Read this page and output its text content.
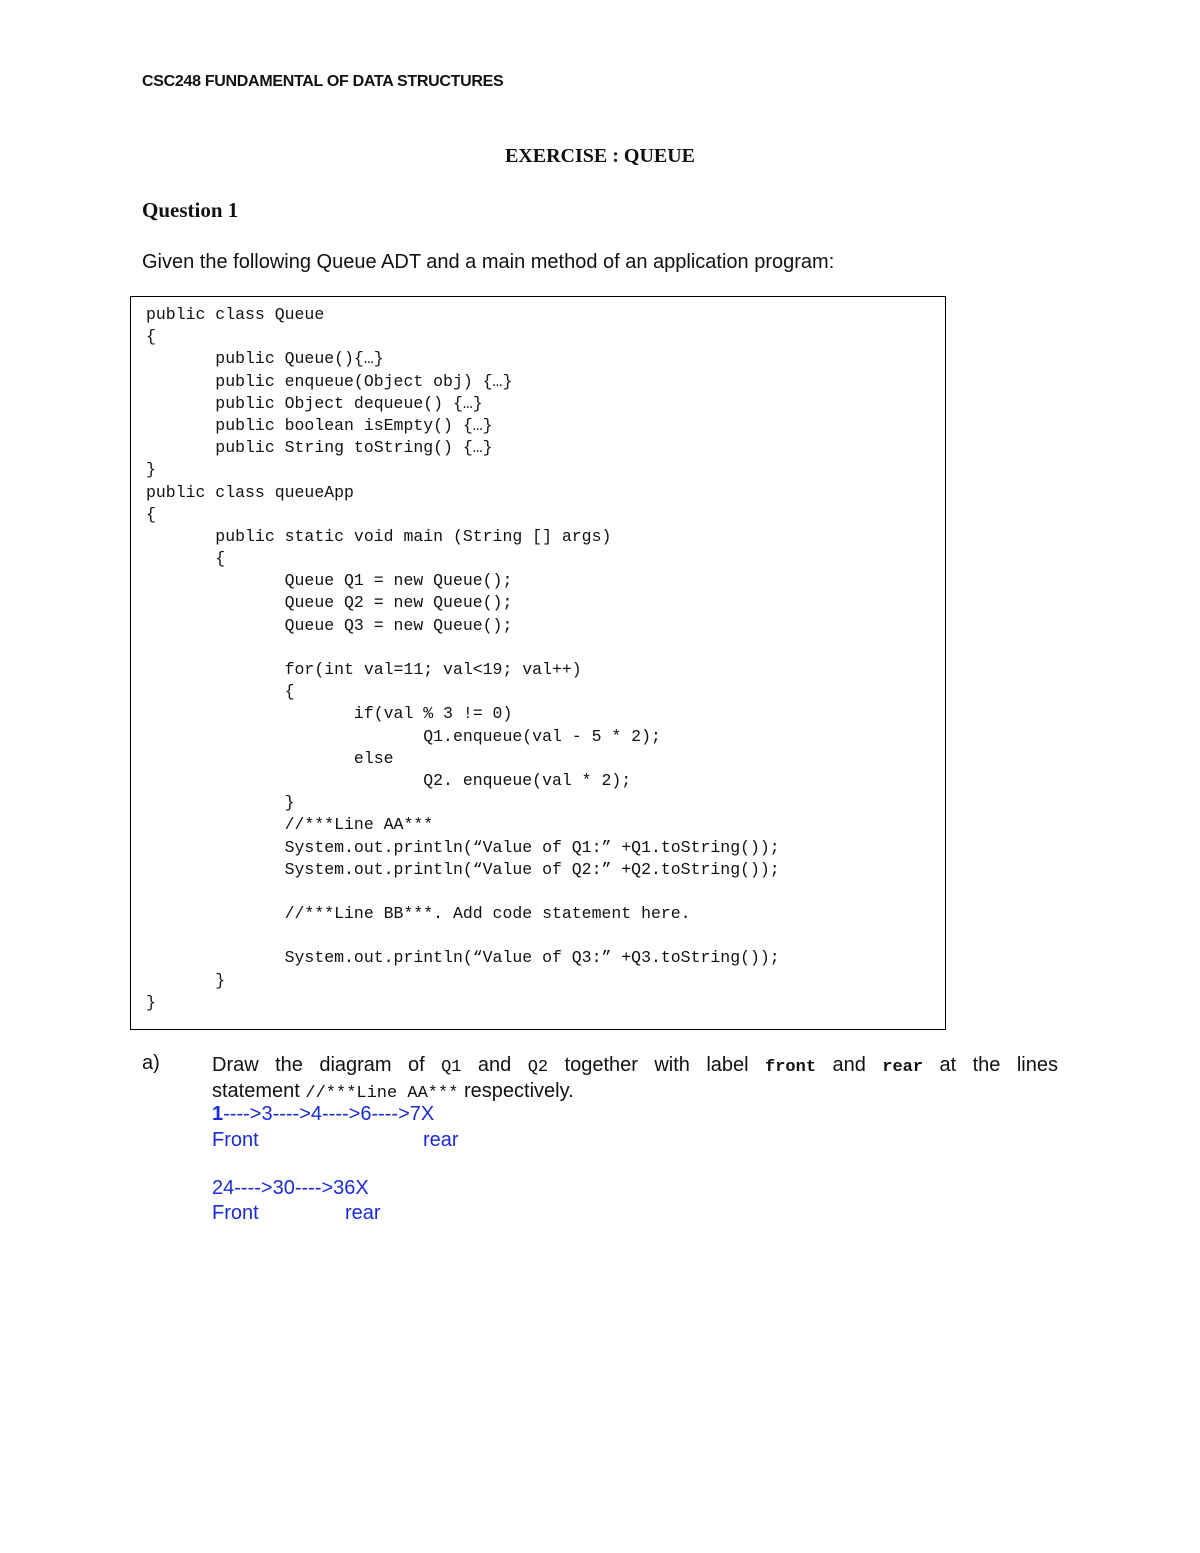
CSC248 FUNDAMENTAL OF DATA STRUCTURES
EXERCISE : QUEUE
Question 1
Given the following Queue ADT and a main method of an application program:
public class Queue
{
public Queue(){…}
public enqueue(Object obj) {…}
public Object dequeue() {…}
public boolean isEmpty() {…}
public String toString() {…}
}
public class queueApp
{
public static void main (String [] args)
{
Queue Q1 = new Queue();
Queue Q2 = new Queue();
Queue Q3 = new Queue();
for(int val=11; val<19; val++)
{
if(val % 3 != 0)
Q1.enqueue(val - 5 * 2);
else
Q2. enqueue(val * 2);
}
//***Line AA***
System.out.println(“Value of Q1:” +Q1.toString());
System.out.println(“Value of Q2:” +Q2.toString());
//***Line BB***. Add code statement here.
System.out.println(“Value of Q3:” +Q3.toString());
}
}
a)	Draw the diagram of Q1 and Q2 together with label front and rear at the lines
statement //***Line AA*** respectively.
1---->3---->4---->6---->7X
Front	rear
24---->30---->36X
Front	rear
